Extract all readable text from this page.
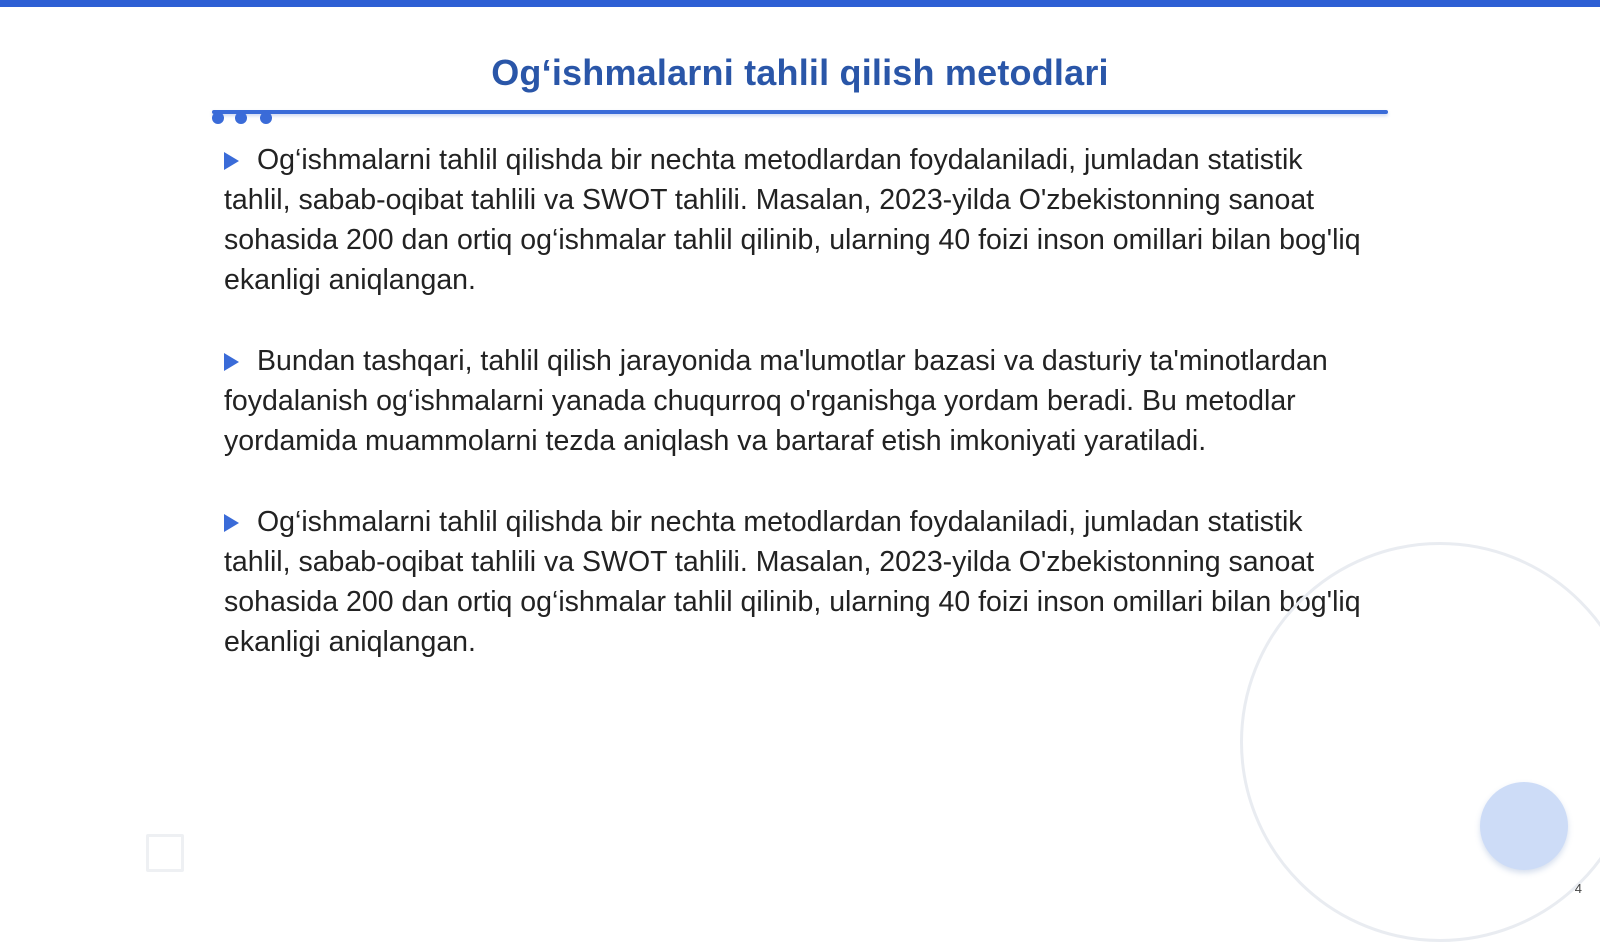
Og‘ishmalarni tahlil qilish metodlari

Og‘ishmalarni tahlil qilishda bir nechta metodlardan foydalaniladi, jumladan statistik tahlil, sabab-oqibat tahlili va SWOT tahlili. Masalan, 2023-yilda O'zbekistonning sanoat sohasida 200 dan ortiq og‘ishmalar tahlil qilinib, ularning 40 foizi inson omillari bilan bog'liq ekanligi aniqlangan.

Bundan tashqari, tahlil qilish jarayonida ma'lumotlar bazasi va dasturiy ta'minotlardan foydalanish og‘ishmalarni yanada chuqurroq o'rganishga yordam beradi. Bu metodlar yordamida muammolarni tezda aniqlash va bartaraf etish imkoniyati yaratiladi.

Og‘ishmalarni tahlil qilishda bir nechta metodlardan foydalaniladi, jumladan statistik tahlil, sabab-oqibat tahlili va SWOT tahlili. Masalan, 2023-yilda O'zbekistonning sanoat sohasida 200 dan ortiq og‘ishmalar tahlil qilinib, ularning 40 foizi inson omillari bilan bog'liq ekanligi aniqlangan.

4
